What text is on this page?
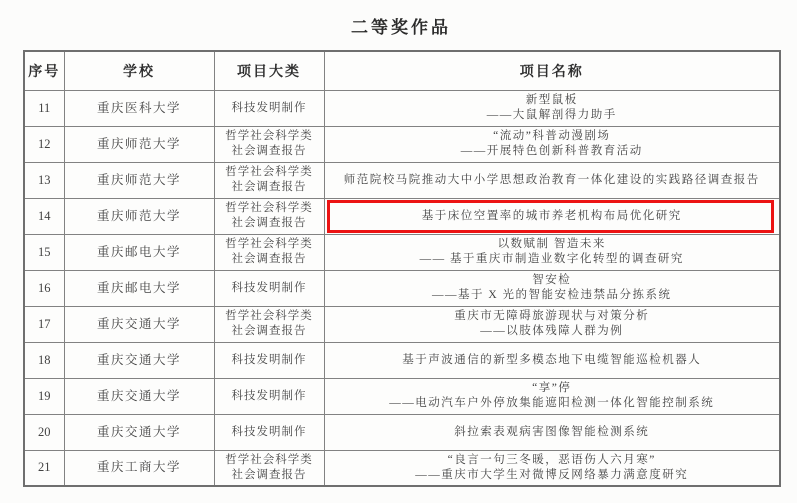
二等奖作品
序号	学校	项目大类	项目名称
11	重庆医科大学	科技发明制作	新型鼠板
——大鼠解剖得力助手

12	重庆师范大学	哲学社会科学类
社会调查报告	“流动”科普动漫剧场
——开展特色创新科普教育活动

13	重庆师范大学	哲学社会科学类
社会调查报告	师范院校马院推动大中小学思想政治教育一体化建设的实践路径调查报告

14	重庆师范大学	哲学社会科学类
社会调查报告	基于床位空置率的城市养老机构布局优化研究

15	重庆邮电大学	哲学社会科学类
社会调查报告	以数赋制 智造未来
—— 基于重庆市制造业数字化转型的调查研究

16	重庆邮电大学	科技发明制作	智安检
——基于 X 光的智能安检违禁品分拣系统

17	重庆交通大学	哲学社会科学类
社会调查报告	重庆市无障碍旅游现状与对策分析
——以肢体残障人群为例

18	重庆交通大学	科技发明制作	基于声波通信的新型多模态地下电缆智能巡检机器人

19	重庆交通大学	科技发明制作	“享”停
——电动汽车户外停放集能遮阳检测一体化智能控制系统

20	重庆交通大学	科技发明制作	斜拉索表观病害图像智能检测系统

21	重庆工商大学	哲学社会科学类
社会调查报告	“良言一句三冬暖，恶语伤人六月寒”
——重庆市大学生对微博反网络暴力满意度研究
